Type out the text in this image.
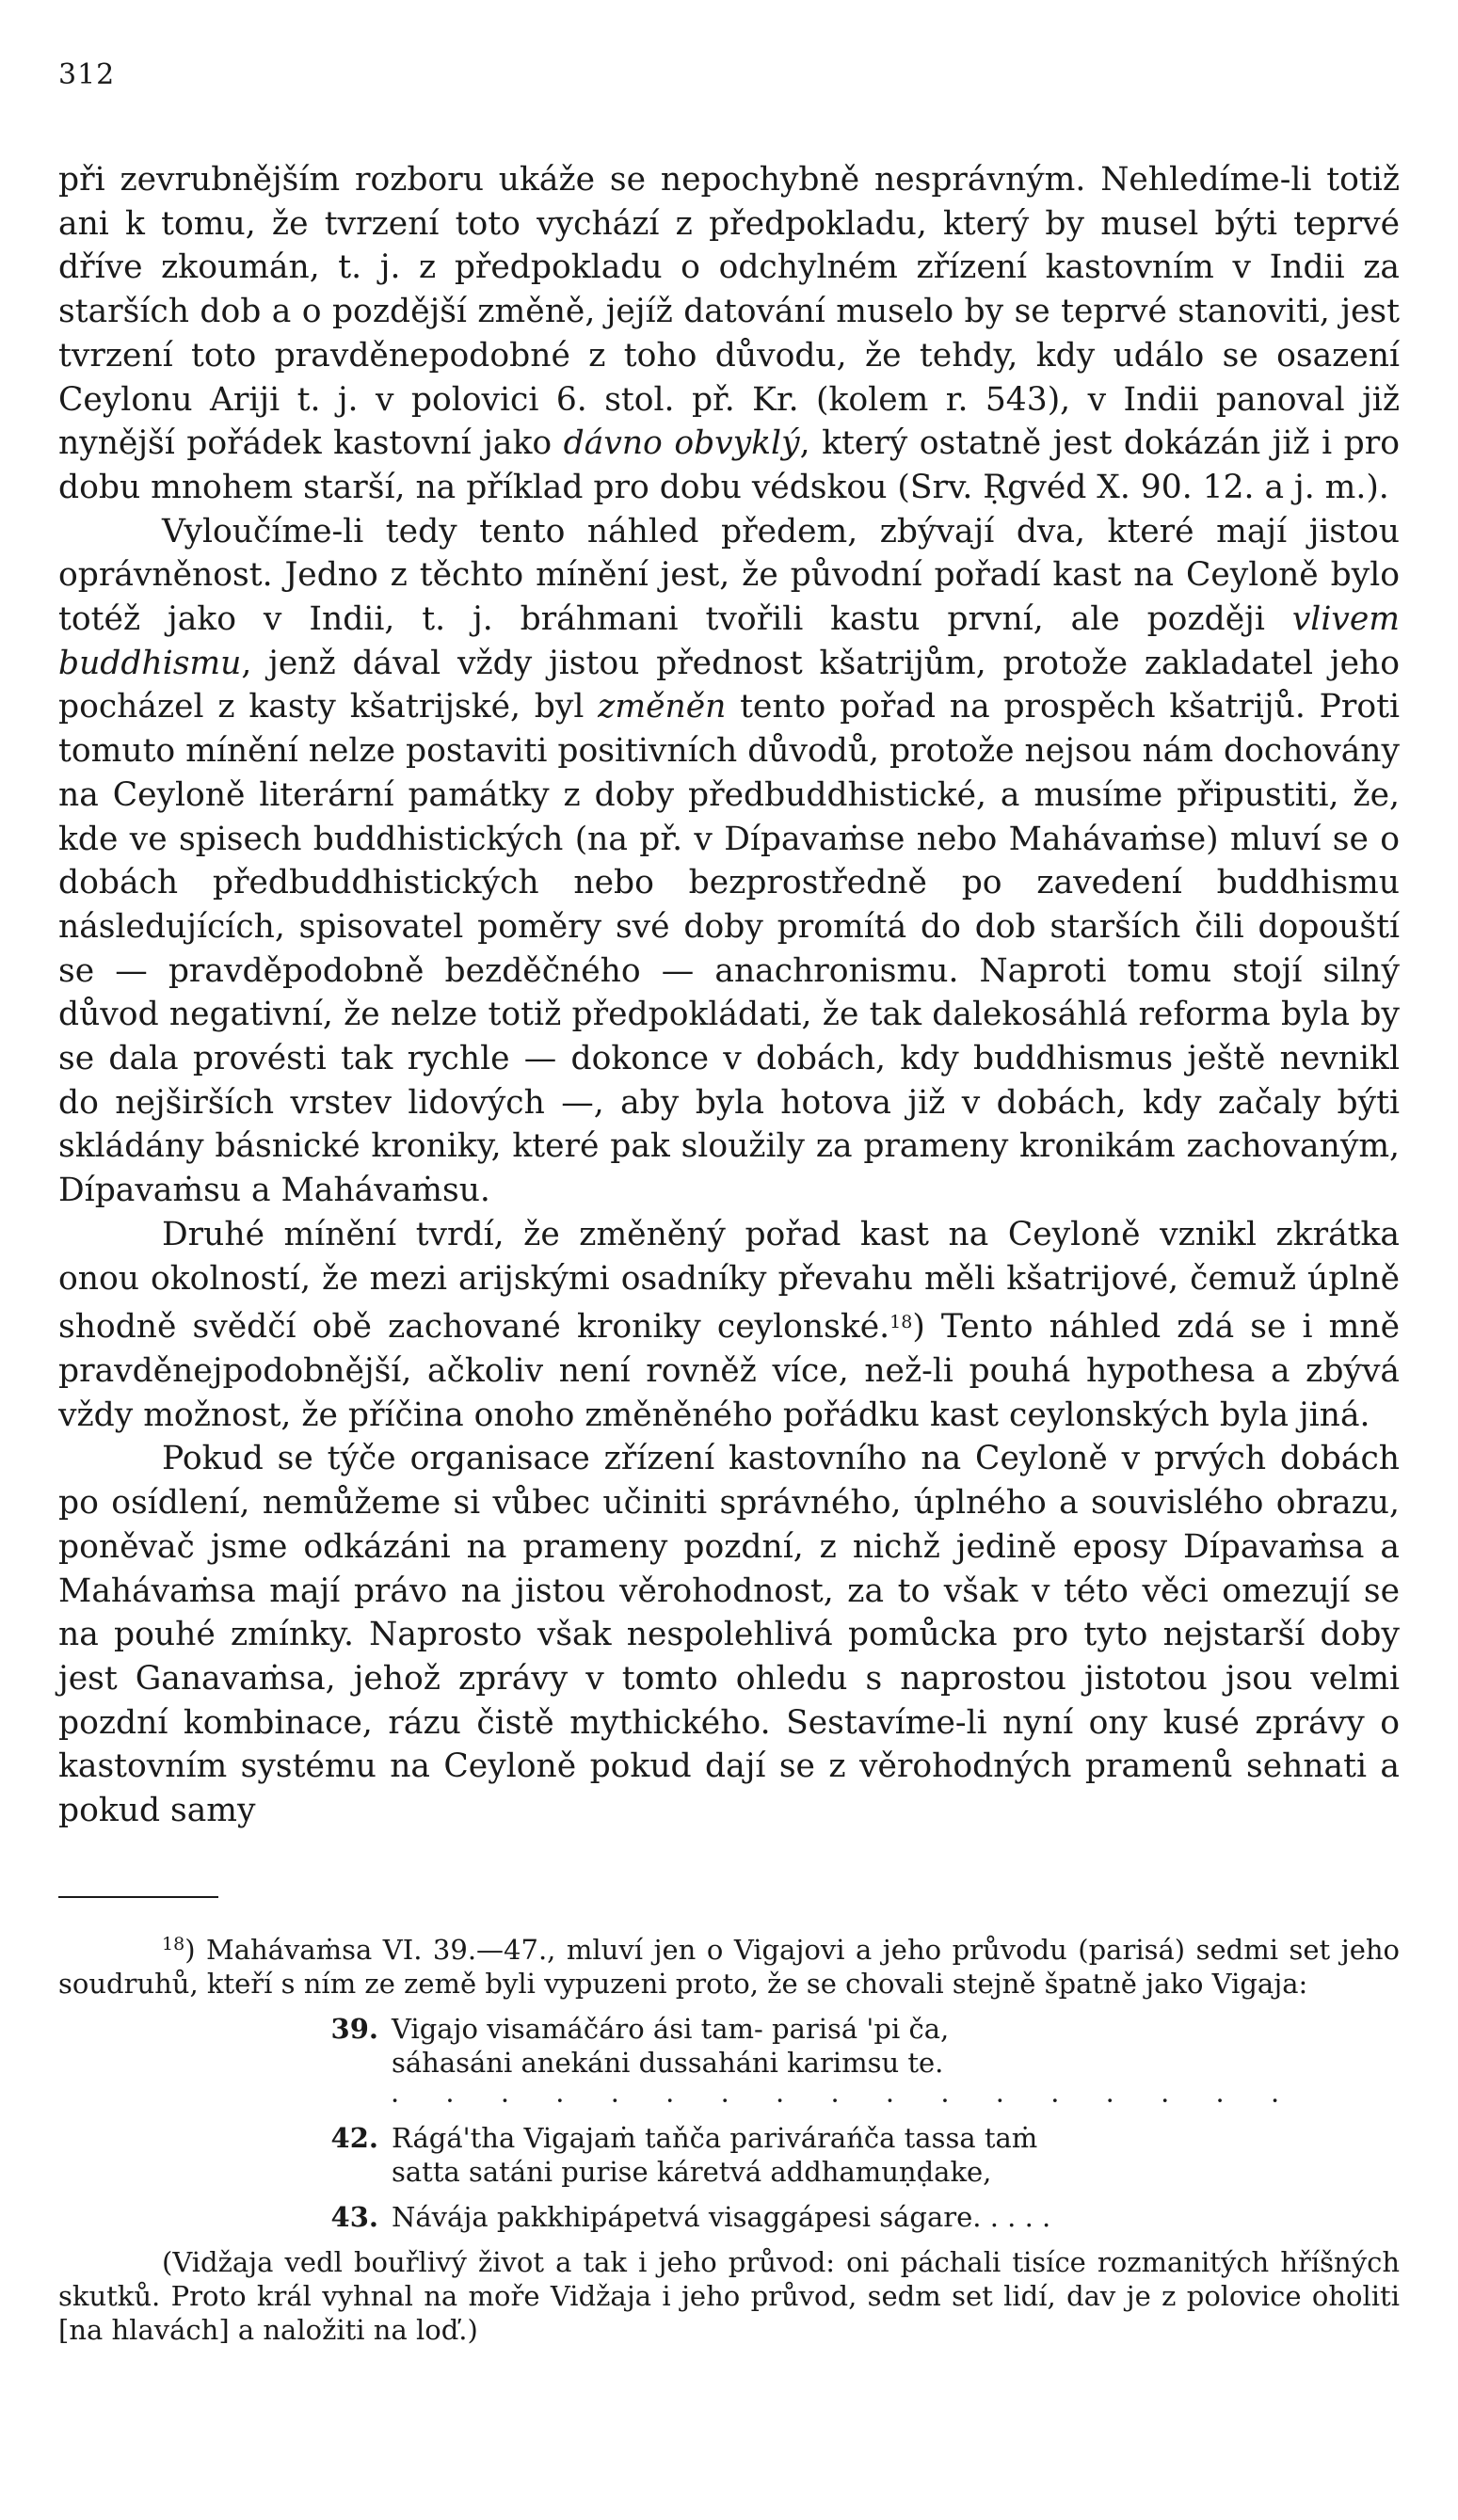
312

při zevrubnějším rozboru ukáže se nepochybně nesprávným. Nehledíme-li totiž ani k tomu, že tvrzení toto vychází z předpokladu, který by musel býti teprvé dříve zkoumán, t. j. z předpokladu o odchylném zřízení kastovním v Indii za starších dob a o pozdější změně, jejíž datování muselo by se teprvé stanoviti, jest tvrzení toto pravděnepodobné z toho důvodu, že tehdy, kdy událo se osazení Ceylonu Ariji t. j. v polovici 6. stol. př. Kr. (kolem r. 543), v Indii panoval již nynější pořádek kastovní jako dávno obvyklý, který ostatně jest dokázán již i pro dobu mnohem starší, na příklad pro dobu védskou (Srv. Ṛgvéd X. 90. 12. a j. m.).

Vyloučíme-li tedy tento náhled předem, zbývají dva, které mají jistou oprávněnost. Jedno z těchto mínění jest, že původní pořadí kast na Ceyloně bylo totéž jako v Indii, t. j. bráhmani tvořili kastu první, ale později vlivem buddhismu, jenž dával vždy jistou přednost kšatrijům, protože zakladatel jeho pocházel z kasty kšatrijské, byl změněn tento pořad na prospěch kšatrijů. Proti tomuto mínění nelze postaviti positivních důvodů, protože nejsou nám dochovány na Ceyloně literární památky z doby předbuddhistické, a musíme připustiti, že, kde ve spisech buddhistických (na př. v Dípavaṁse nebo Mahávaṁse) mluví se o dobách předbuddhistických nebo bezprostředně po zavedení buddhismu následujících, spisovatel poměry své doby promítá do dob starších čili dopouští se — pravděpodobně bezděčného — anachronismu. Naproti tomu stojí silný důvod negativní, že nelze totiž předpokládati, že tak dalekosáhlá reforma byla by se dala provésti tak rychle — dokonce v dobách, kdy buddhismus ještě nevnikl do nejširších vrstev lidových —, aby byla hotova již v dobách, kdy začaly býti skládány básnické kroniky, které pak sloužily za prameny kronikám zachovaným, Dípavaṁsu a Mahávaṁsu.

Druhé mínění tvrdí, že změněný pořad kast na Ceyloně vznikl zkrátka onou okolností, že mezi arijskými osadníky převahu měli kšatrijové, čemuž úplně shodně svědčí obě zachované kroniky ceylonské.$^{18}$) Tento náhled zdá se i mně pravděnejpodobnější, ačkoliv není rovněž více, než-li pouhá hypothesa a zbývá vždy možnost, že příčina onoho změněného pořádku kast ceylonských byla jiná.

Pokud se týče organisace zřízení kastovního na Ceyloně v prvých dobách po osídlení, nemůžeme si vůbec učiniti správného, úplného a souvislého obrazu, poněvač jsme odkázáni na prameny pozdní, z nichž jedině eposy Dípavaṁsa a Mahávaṁsa mají právo na jistou věrohodnost, za to však v této věci omezují se na pouhé zmínky. Naprosto však nespolehlivá pomůcka pro tyto nejstarší doby jest Ganavaṁsa, jehož zprávy v tomto ohledu s naprostou jistotou jsou velmi pozdní kombinace, rázu čistě mythického. Sestavíme-li nyní ony kusé zprávy o kastovním systému na Ceyloně pokud dají se z věrohodných pramenů sehnati a pokud samy

$^{18}$) Mahávaṁsa VI. 39.—47., mluví jen o Vigajovi a jeho průvodu (parisá) sedmi set jeho soudruhů, kteří s ním ze země byli vypuzeni proto, že se chovali stejně špatně jako Vigaja:

39. Vigajo visamáčáro ási tam- parisá 'pi ča,
sáhasáni anekáni dussaháni karimsu te.
· · · · · · · · · · · · · · · · ·
42. Rágá'tha Vigajaṁ taňča parivárańča tassa taṁ
satta satáni purise káretvá addhamuṇḍake,
43. Návája pakkhipápetvá visaggápesi ságare. . . . .

(Vidžaja vedl bouřlivý život a tak i jeho průvod: oni páchali tisíce rozmanitých hříšných skutků. Proto král vyhnal na moře Vidžaja i jeho průvod, sedm set lidí, dav je z polovice oholiti [na hlavách] a naložiti na loď.)
